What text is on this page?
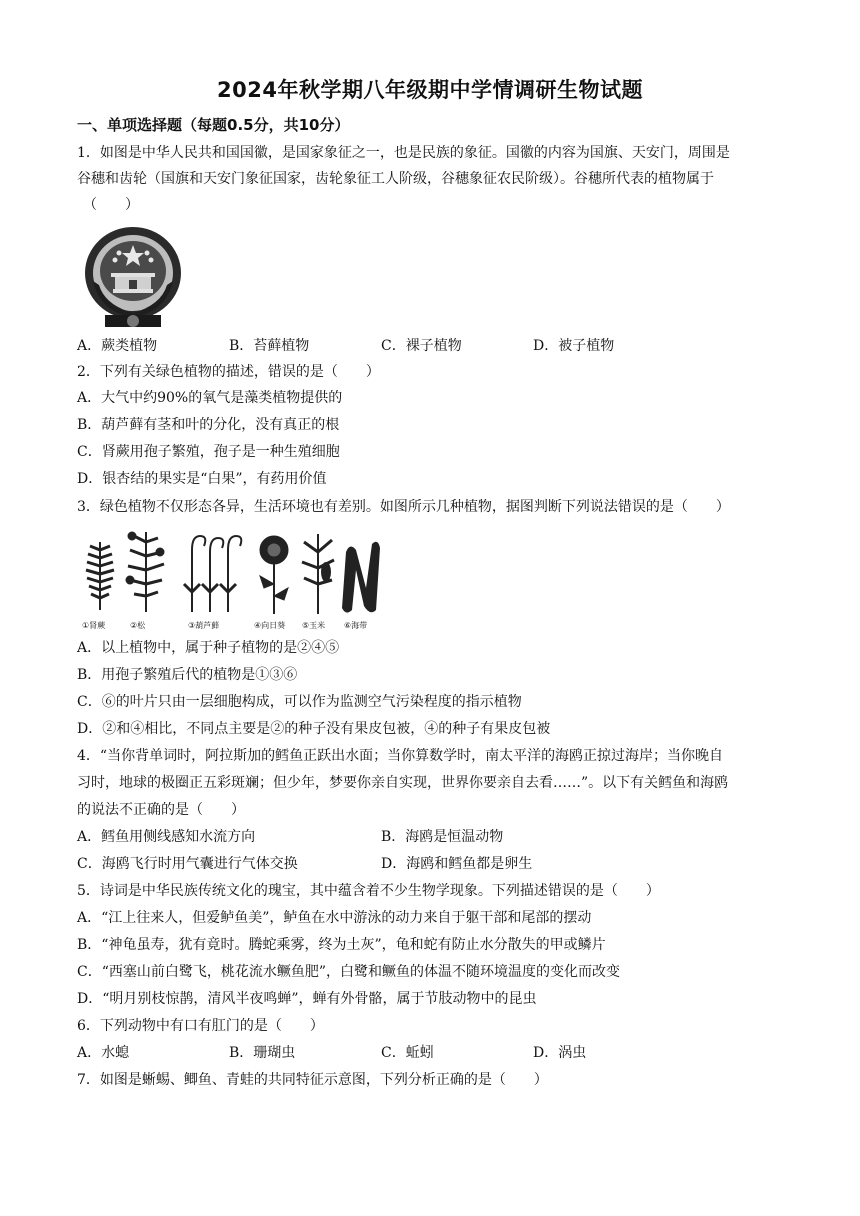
2024年秋学期八年级期中学情调研生物试题
一、单项选择题（每题0.5分，共10分）
1．如图是中华人民共和国国徽，是国家象征之一，也是民族的象征。国徽的内容为国旗、天安门，周围是
谷穗和齿轮（国旗和天安门象征国家，齿轮象征工人阶级，谷穗象征农民阶级）。谷穗所代表的植物属于
（　　）
A．蕨类植物	B．苔藓植物	C．裸子植物	D．被子植物
2．下列有关绿色植物的描述，错误的是（　　）
A．大气中约90%的氧气是藻类植物提供的
B．葫芦藓有茎和叶的分化，没有真正的根
C．肾蕨用孢子繁殖，孢子是一种生殖细胞
D．银杏结的果实是“白果”，有药用价值
3．绿色植物不仅形态各异，生活环境也有差别。如图所示几种植物，据图判断下列说法错误的是（　　）
①肾蕨	②松	③葫芦藓	④向日葵 ⑤玉米 ⑥海带
A．以上植物中，属于种子植物的是②④⑤
B．用孢子繁殖后代的植物是①③⑥
C．⑥的叶片只由一层细胞构成，可以作为监测空气污染程度的指示植物
D．②和④相比，不同点主要是②的种子没有果皮包被，④的种子有果皮包被
4．“当你背单词时，阿拉斯加的鳕鱼正跃出水面；当你算数学时，南太平洋的海鸥正掠过海岸；当你晚自
习时，地球的极圈正五彩斑斓；但少年，梦要你亲自实现，世界你要亲自去看……”。以下有关鳕鱼和海鸥
的说法不正确的是（　　）
A．鳕鱼用侧线感知水流方向	B．海鸥是恒温动物
C．海鸥飞行时用气囊进行气体交换	D．海鸥和鳕鱼都是卵生
5．诗词是中华民族传统文化的瑰宝，其中蕴含着不少生物学现象。下列描述错误的是（　　）
A．“江上往来人，但爱鲈鱼美”，鲈鱼在水中游泳的动力来自于躯干部和尾部的摆动
B．“神龟虽寿，犹有竟时。腾蛇乘雾，终为土灰”，龟和蛇有防止水分散失的甲或鳞片
C．“西塞山前白鹭飞，桃花流水鳜鱼肥”，白鹭和鳜鱼的体温不随环境温度的变化而改变
D．“明月别枝惊鹊，清风半夜鸣蝉”，蝉有外骨骼，属于节肢动物中的昆虫
6．下列动物中有口有肛门的是（　　）
A．水螅	B．珊瑚虫	C．蚯蚓	D．涡虫
7．如图是蜥蜴、鲫鱼、青蛙的共同特征示意图，下列分析正确的是（　　）
